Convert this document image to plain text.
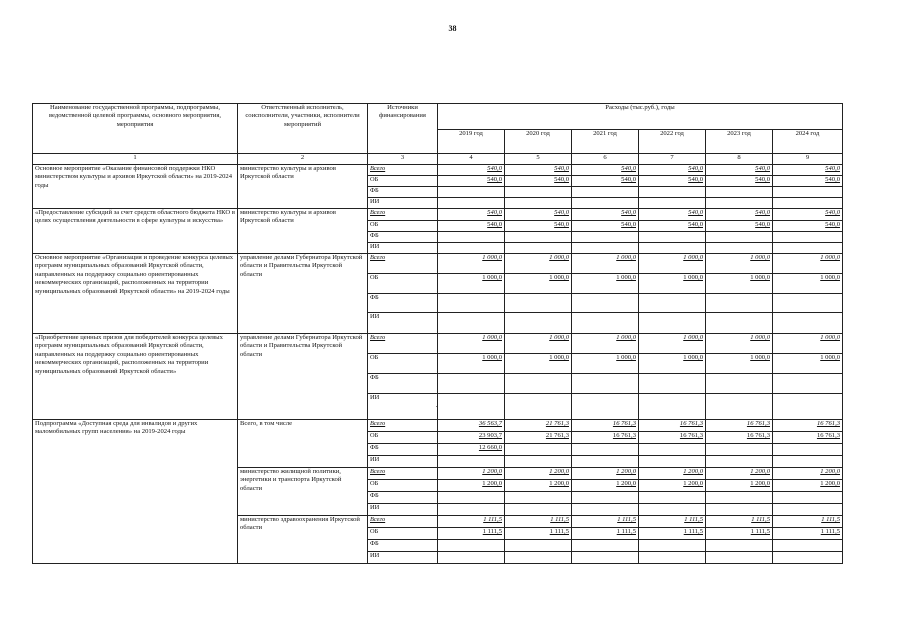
38
Наименование государственной программы, подпрограммы, ведомственной целевой программы, основного мероприятия, мероприятия	Ответственный исполнитель, соисполнители, участники, исполнители мероприятий	Источники финансирования	Расходы (тыс.руб.), годы					
			2019 год	2020 год	2021 год	2022 год	2023 год	2024 год
1	2	3	4	5	6	7	8	9
Основное мероприятие «Оказание финансовой поддержки НКО министерством культуры и архивов Иркутской области» на 2019-2024 годы	министерство культуры и архивов Иркутской области	Всего	540,0	540,0	540,0	540,0	540,0	540,0
		ОБ	540,0	540,0	540,0	540,0	540,0	540,0
		ФБ						
		ИИ						
«Предоставление субсидий за счет средств областного бюджета НКО в целях осуществления деятельности в сфере культуры и искусства»	министерство культуры и архивов Иркутской области	Всего	540,0	540,0	540,0	540,0	540,0	540,0
		ОБ	540,0	540,0	540,0	540,0	540,0	540,0
		ФБ						
		ИИ						
Основное мероприятие «Организация и проведение конкурса целевых программ муниципальных образований Иркутской области, направленных на поддержку социально ориентированных некоммерческих организаций, расположенных на территории муниципальных образований Иркутской области» на 2019-2024 годы	управление делами Губернатора Иркутской области и Правительства Иркутской области	Всего	1 000,0	1 000,0	1 000,0	1 000,0	1 000,0	1 000,0
		ОБ	1 000,0	1 000,0	1 000,0	1 000,0	1 000,0	1 000,0
		ФБ						
		ИИ						
«Приобретение ценных призов для победителей конкурса целевых программ муниципальных образований Иркутской области, направленных на поддержку социально ориентированных некоммерческих организаций, расположенных на территории муниципальных образований Иркутской области»	управление делами Губернатора Иркутской области и Правительства Иркутской области	Всего	1 000,0	1 000,0	1 000,0	1 000,0	1 000,0	1 000,0
		ОБ	1 000,0	1 000,0	1 000,0	1 000,0	1 000,0	1 000,0
		ФБ						
		ИИ						
Подпрограмма «Доступная среда для инвалидов и других маломобильных групп населения» на 2019-2024 годы	Всего, в том числе	Всего	36 563,7	21 761,3	16 761,3	16 761,3	16 761,3	16 761,3
		ОБ	23 903,7	21 761,3	16 761,3	16 761,3	16 761,3	16 761,3
		ФБ	12 660,0					
		ИИ						
	министерство жилищной политики, энергетики и транспорта Иркутской области	Всего	1 200,0	1 200,0	1 200,0	1 200,0	1 200,0	1 200,0
		ОБ	1 200,0	1 200,0	1 200,0	1 200,0	1 200,0	1 200,0
		ФБ						
		ИИ						
	министерство здравоохранения Иркутской области	Всего	1 111,5	1 111,5	1 111,5	1 111,5	1 111,5	1 111,5
		ОБ	1 111,5	1 111,5	1 111,5	1 111,5	1 111,5	1 111,5
		ФБ						
		ИИ						
